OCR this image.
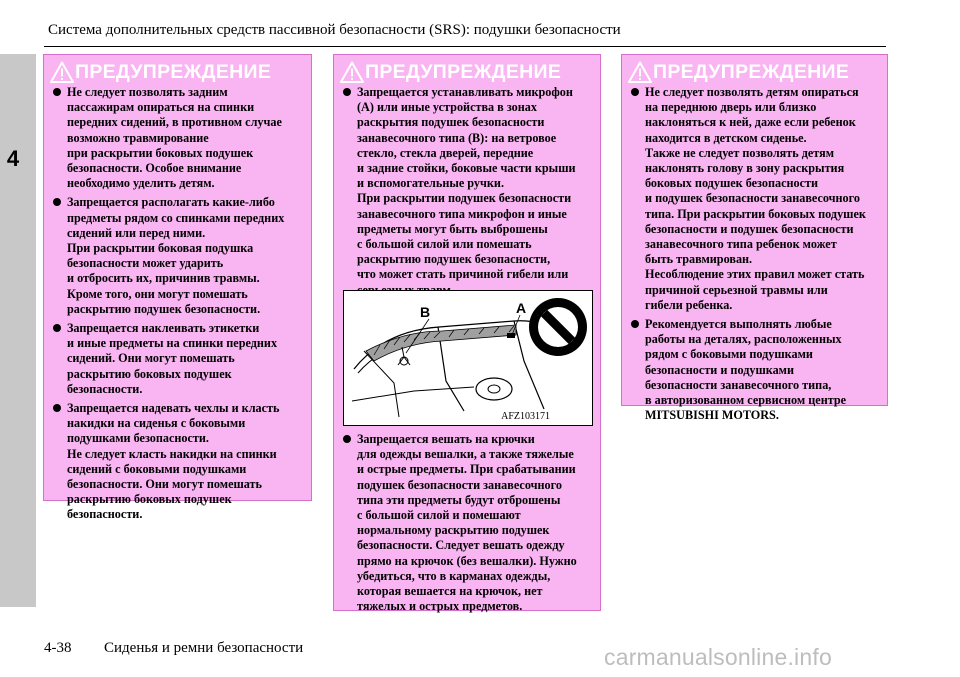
Система дополнительных средств пассивной безопасности (SRS): подушки безопасности
4
ПРЕДУПРЕЖДЕНИЕ
Не следует позволять задним
пассажирам опираться на спинки
передних сидений, в противном случае
возможно травмирование
при раскрытии боковых подушек
безопасности. Особое внимание
необходимо уделить детям.
Запрещается располагать какие-либо
предметы рядом со спинками передних
сидений или перед ними.
При раскрытии боковая подушка
безопасности может ударить
и отбросить их, причинив травмы.
Кроме того, они могут помешать
раскрытию подушек безопасности.
Запрещается наклеивать этикетки
и иные предметы на спинки передних
сидений. Они могут помешать
раскрытию боковых подушек
безопасности.
Запрещается надевать чехлы и класть
накидки на сиденья с боковыми
подушками безопасности.
Не следует класть накидки на спинки
сидений с боковыми подушками
безопасности. Они могут помешать
раскрытию боковых подушек
безопасности.
ПРЕДУПРЕЖДЕНИЕ
Запрещается устанавливать микрофон
(A) или иные устройства в зонах
раскрытия подушек безопасности
занавесочного типа (B): на ветровое
стекло, стекла дверей, передние
и задние стойки, боковые части крыши
и вспомогательные ручки.
При раскрытии подушек безопасности
занавесочного типа микрофон и иные
предметы могут быть выброшены
с большой силой или помешать
раскрытию подушек безопасности,
что может стать причиной гибели или
Запрещается вешать на крючки
для одежды вешалки, а также тяжелые
и острые предметы. При срабатывании
подушек безопасности занавесочного
типа эти предметы будут отброшены
с большой силой и помешают
нормальному раскрытию подушек
безопасности. Следует вешать одежду
прямо на крючок (без вешалки). Нужно
убедиться, что в карманах одежды,
которая вешается на крючок, нет
тяжелых и острых предметов.
B	A
AFZ103171
ПРЕДУПРЕЖДЕНИЕ
Не следует позволять детям опираться
на переднюю дверь или близко
наклоняться к ней, даже если ребенок
находится в детском сиденье.
Также не следует позволять детям
наклонять голову в зону раскрытия
боковых подушек безопасности
и подушек безопасности занавесочного
типа. При раскрытии боковых подушек
безопасности и подушек безопасности
занавесочного типа ребенок может
быть травмирован.
Несоблюдение этих правил может стать
причиной серьезной травмы или
гибели ребенка.
Рекомендуется выполнять любые
работы на деталях, расположенных
рядом с боковыми подушками
безопасности и подушками
безопасности занавесочного типа,
в авторизованном сервисном центре
MITSUBISHI MOTORS.
4-38 Сиденья и ремни безопасности	carmanualsonline.info
